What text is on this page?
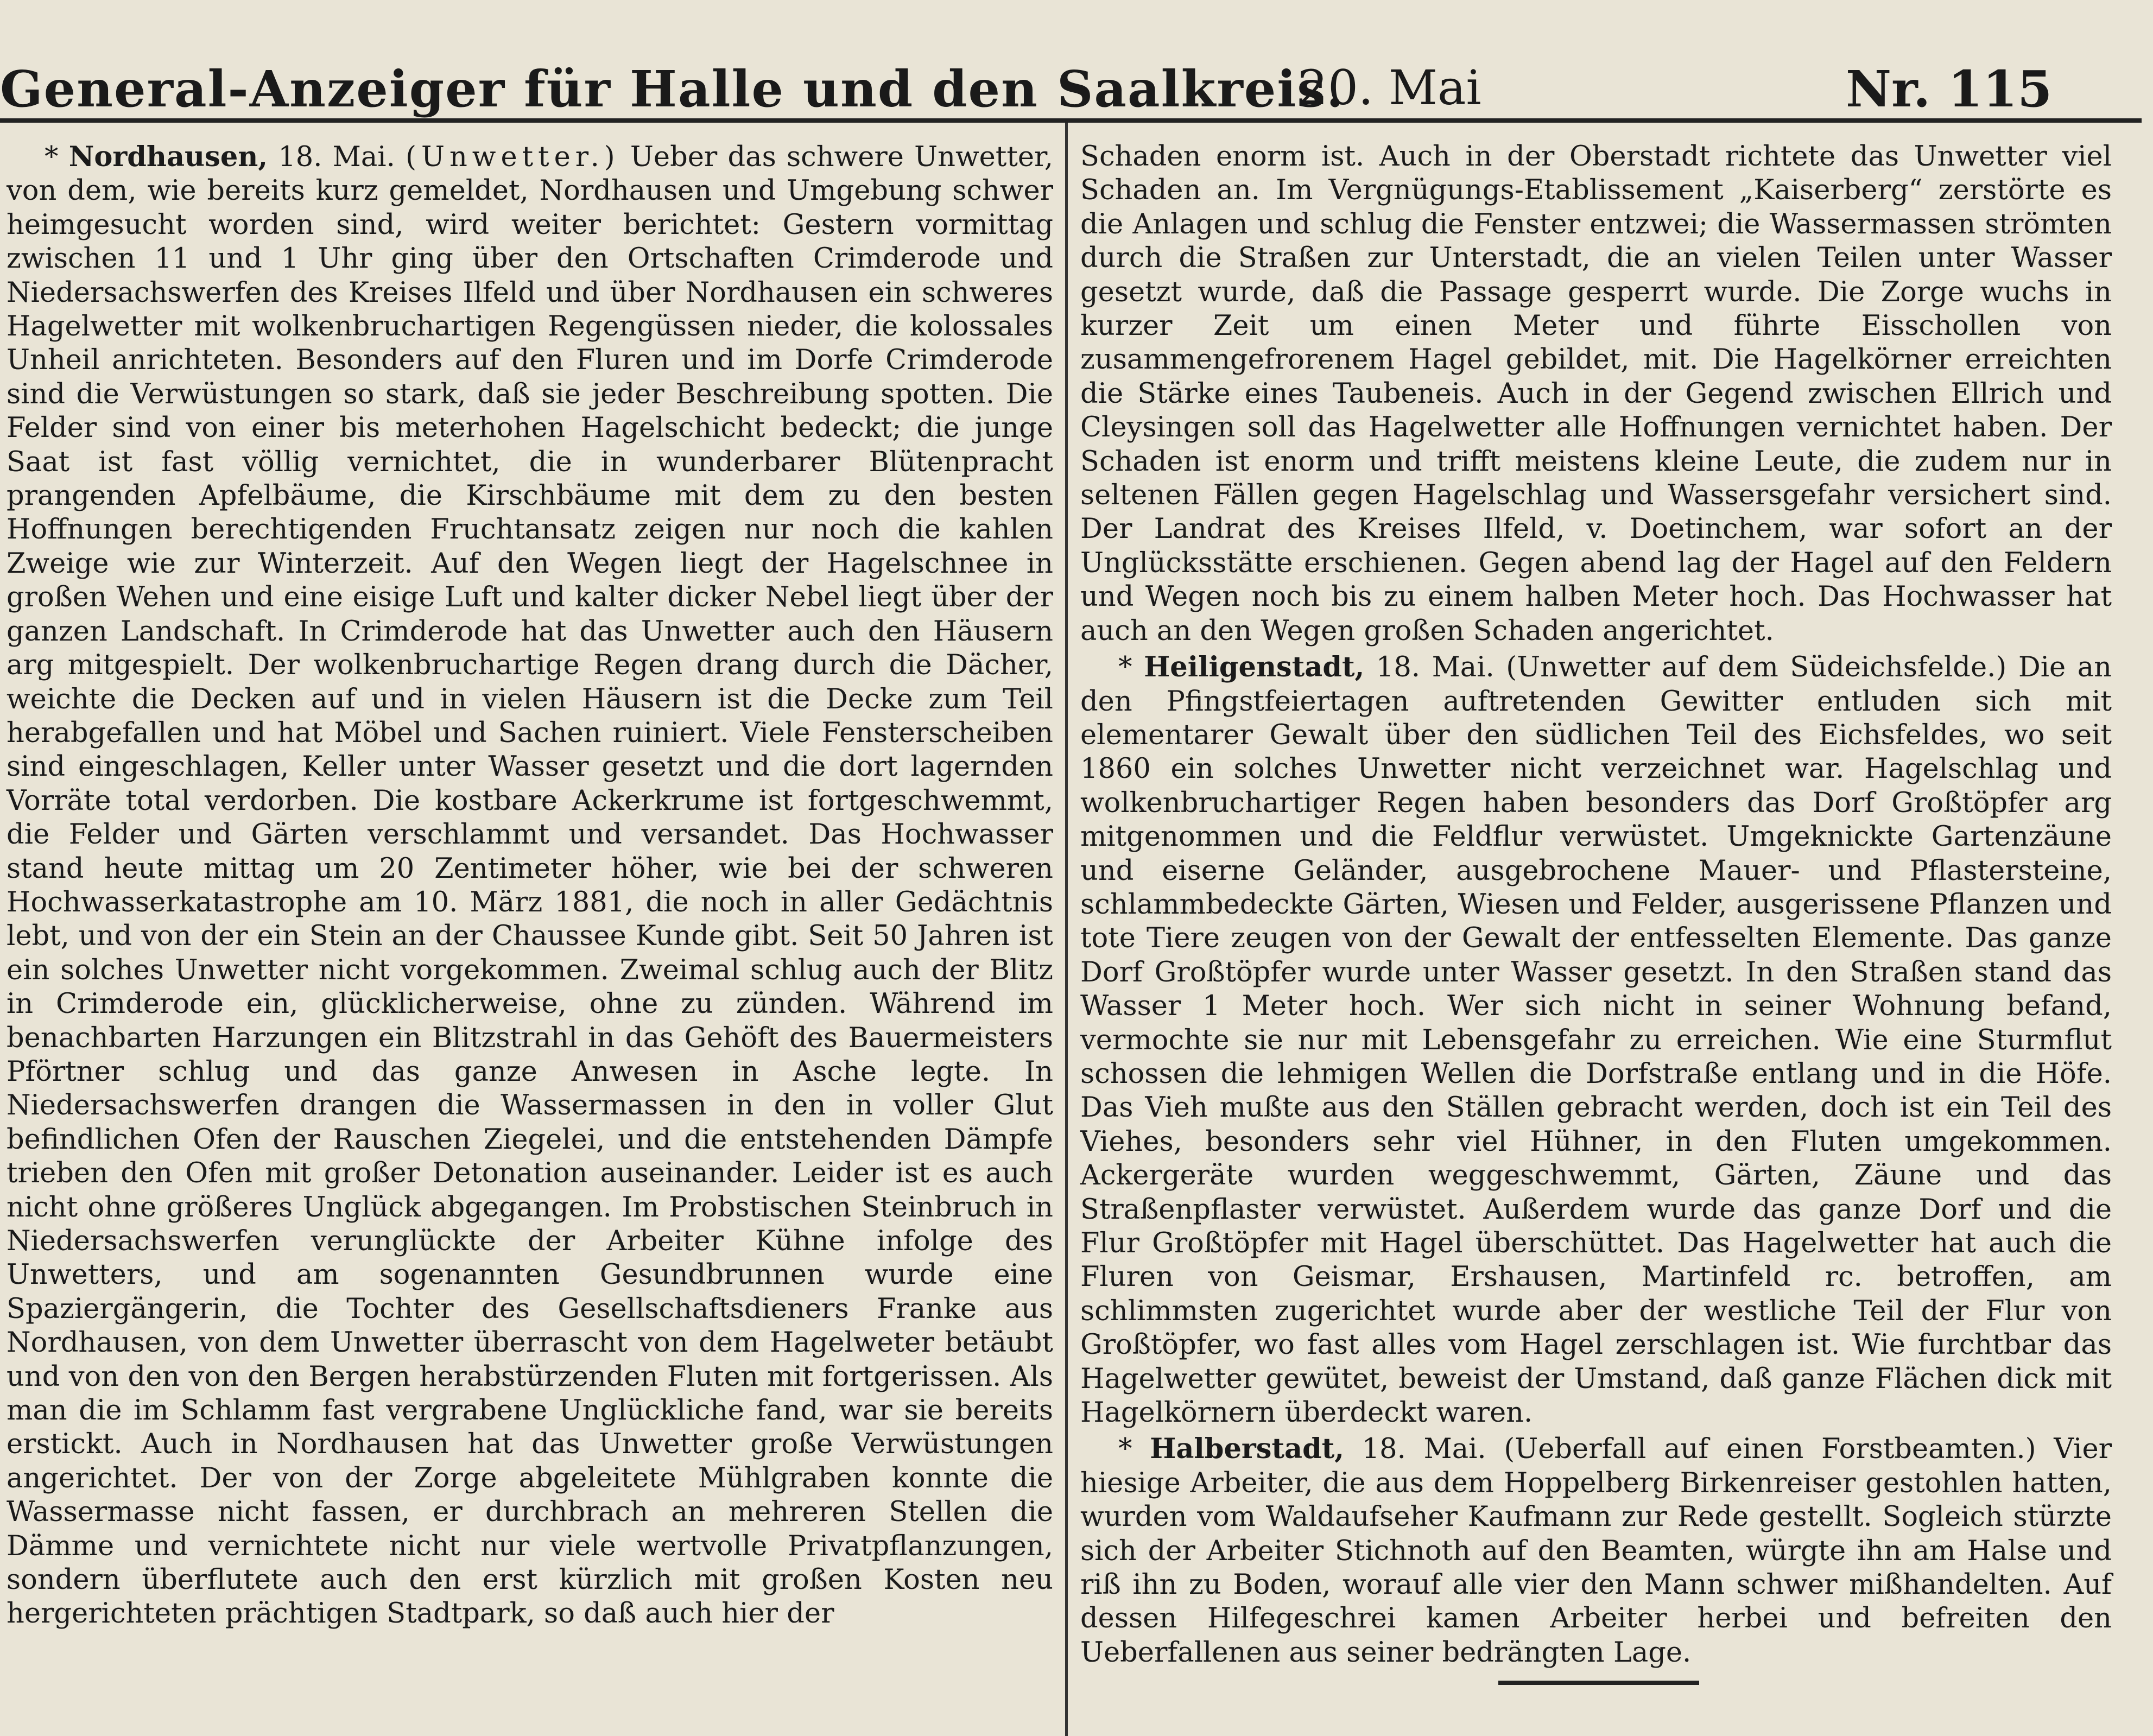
General-Anzeiger für Halle und den Saalkreis.
20. Mai	Nr. 115

* Nordhausen, 18. Mai. (Unwetter.) Ueber das schwere Unwetter, von dem, wie bereits kurz gemeldet, Nordhausen und Umgebung schwer heimgesucht worden sind, wird weiter berichtet: Gestern vormittag zwischen 11 und 1 Uhr ging über den Ortschaften Crimderode und Niedersachswerfen des Kreises Ilfeld und über Nordhausen ein schweres Hagelwetter mit wolkenbruchartigen Regengüssen nieder, die kolossales Unheil anrichteten. Besonders auf den Fluren und im Dorfe Crimderode sind die Verwüstungen so stark, daß sie jeder Beschreibung spotten. Die Felder sind von einer bis meterhohen Hagelschicht bedeckt; die junge Saat ist fast völlig vernichtet, die in wunderbarer Blütenpracht prangenden Apfelbäume, die Kirschbäume mit dem zu den besten Hoffnungen berechtigenden Fruchtansatz zeigen nur noch die kahlen Zweige wie zur Winterzeit. Auf den Wegen liegt der Hagelschnee in großen Wehen und eine eisige Luft und kalter dicker Nebel liegt über der ganzen Landschaft. In Crimderode hat das Unwetter auch den Häusern arg mitgespielt. Der wolkenbruchartige Regen drang durch die Dächer, weichte die Decken auf und in vielen Häusern ist die Decke zum Teil herabgefallen und hat Möbel und Sachen ruiniert. Viele Fensterscheiben sind eingeschlagen, Keller unter Wasser gesetzt und die dort lagernden Vorräte total verdorben. Die kostbare Ackerkrume ist fortgeschwemmt, die Felder und Gärten verschlammt und versandet. Das Hochwasser stand heute mittag um 20 Zentimeter höher, wie bei der schweren Hochwasserkatastrophe am 10. März 1881, die noch in aller Gedächtnis lebt, und von der ein Stein an der Chaussee Kunde gibt. Seit 50 Jahren ist ein solches Unwetter nicht vorgekommen. Zweimal schlug auch der Blitz in Crimderode ein, glücklicherweise, ohne zu zünden. Während im benachbarten Harzungen ein Blitzstrahl in das Gehöft des Bauermeisters Pförtner schlug und das ganze Anwesen in Asche legte. In Niedersachswerfen drangen die Wassermassen in den in voller Glut befindlichen Ofen der Rauschen Ziegelei, und die entstehenden Dämpfe trieben den Ofen mit großer Detonation auseinander. Leider ist es auch nicht ohne größeres Unglück abgegangen. Im Probstischen Steinbruch in Niedersachswerfen verunglückte der Arbeiter Kühne infolge des Unwetters, und am sogenannten Gesundbrunnen wurde eine Spaziergängerin, die Tochter des Gesellschaftsdieners Franke aus Nordhausen, von dem Unwetter überrascht von dem Hagelweter betäubt und von den von den Bergen herabstürzenden Fluten mit fortgerissen. Als man die im Schlamm fast vergrabene Unglückliche fand, war sie bereits erstickt. Auch in Nordhausen hat das Unwetter große Verwüstungen angerichtet. Der von der Zorge abgeleitete Mühlgraben konnte die Wassermasse nicht fassen, er durchbrach an mehreren Stellen die Dämme und vernichtete nicht nur viele wertvolle Privatpflanzungen, sondern überflutete auch den erst kürzlich mit großen Kosten neu hergerichteten prächtigen Stadtpark, so daß auch hier der

Schaden enorm ist. Auch in der Oberstadt richtete das Unwetter viel Schaden an. Im Vergnügungs-Etablissement „Kaiserberg“ zerstörte es die Anlagen und schlug die Fenster entzwei; die Wassermassen strömten durch die Straßen zur Unterstadt, die an vielen Teilen unter Wasser gesetzt wurde, daß die Passage gesperrt wurde. Die Zorge wuchs in kurzer Zeit um einen Meter und führte Eisschollen von zusammengefrorenem Hagel gebildet, mit. Die Hagelkörner erreichten die Stärke eines Taubeneis. Auch in der Gegend zwischen Ellrich und Cleysingen soll das Hagelwetter alle Hoffnungen vernichtet haben. Der Schaden ist enorm und trifft meistens kleine Leute, die zudem nur in seltenen Fällen gegen Hagelschlag und Wassersgefahr versichert sind. Der Landrat des Kreises Ilfeld, v. Doetinchem, war sofort an der Unglücksstätte erschienen. Gegen abend lag der Hagel auf den Feldern und Wegen noch bis zu einem halben Meter hoch. Das Hochwasser hat auch an den Wegen großen Schaden angerichtet.

* Heiligenstadt, 18. Mai. (Unwetter auf dem Südeichsfelde.) Die an den Pfingstfeiertagen auftretenden Gewitter entluden sich mit elementarer Gewalt über den südlichen Teil des Eichsfeldes, wo seit 1860 ein solches Unwetter nicht verzeichnet war. Hagelschlag und wolkenbruchartiger Regen haben besonders das Dorf Großtöpfer arg mitgenommen und die Feldflur verwüstet. Umgeknickte Gartenzäune und eiserne Geländer, ausgebrochene Mauer- und Pflastersteine, schlammbedeckte Gärten, Wiesen und Felder, ausgerissene Pflanzen und tote Tiere zeugen von der Gewalt der entfesselten Elemente. Das ganze Dorf Großtöpfer wurde unter Wasser gesetzt. In den Straßen stand das Wasser 1 Meter hoch. Wer sich nicht in seiner Wohnung befand, vermochte sie nur mit Lebensgefahr zu erreichen. Wie eine Sturmflut schossen die lehmigen Wellen die Dorfstraße entlang und in die Höfe. Das Vieh mußte aus den Ställen gebracht werden, doch ist ein Teil des Viehes, besonders sehr viel Hühner, in den Fluten umgekommen. Ackergeräte wurden weggeschwemmt, Gärten, Zäune und das Straßenpflaster verwüstet. Außerdem wurde das ganze Dorf und die Flur Großtöpfer mit Hagel überschüttet. Das Hagelwetter hat auch die Fluren von Geismar, Ershausen, Martinfeld rc. betroffen, am schlimmsten zugerichtet wurde aber der westliche Teil der Flur von Großtöpfer, wo fast alles vom Hagel zerschlagen ist. Wie furchtbar das Hagelwetter gewütet, beweist der Umstand, daß ganze Flächen dick mit Hagelkörnern überdeckt waren.

* Halberstadt, 18. Mai. (Ueberfall auf einen Forstbeamten.) Vier hiesige Arbeiter, die aus dem Hoppelberg Birkenreiser gestohlen hatten, wurden vom Waldaufseher Kaufmann zur Rede gestellt. Sogleich stürzte sich der Arbeiter Stichnoth auf den Beamten, würgte ihn am Halse und riß ihn zu Boden, worauf alle vier den Mann schwer mißhandelten. Auf dessen Hilfegeschrei kamen Arbeiter herbei und befreiten den Ueberfallenen aus seiner bedrängten Lage.
